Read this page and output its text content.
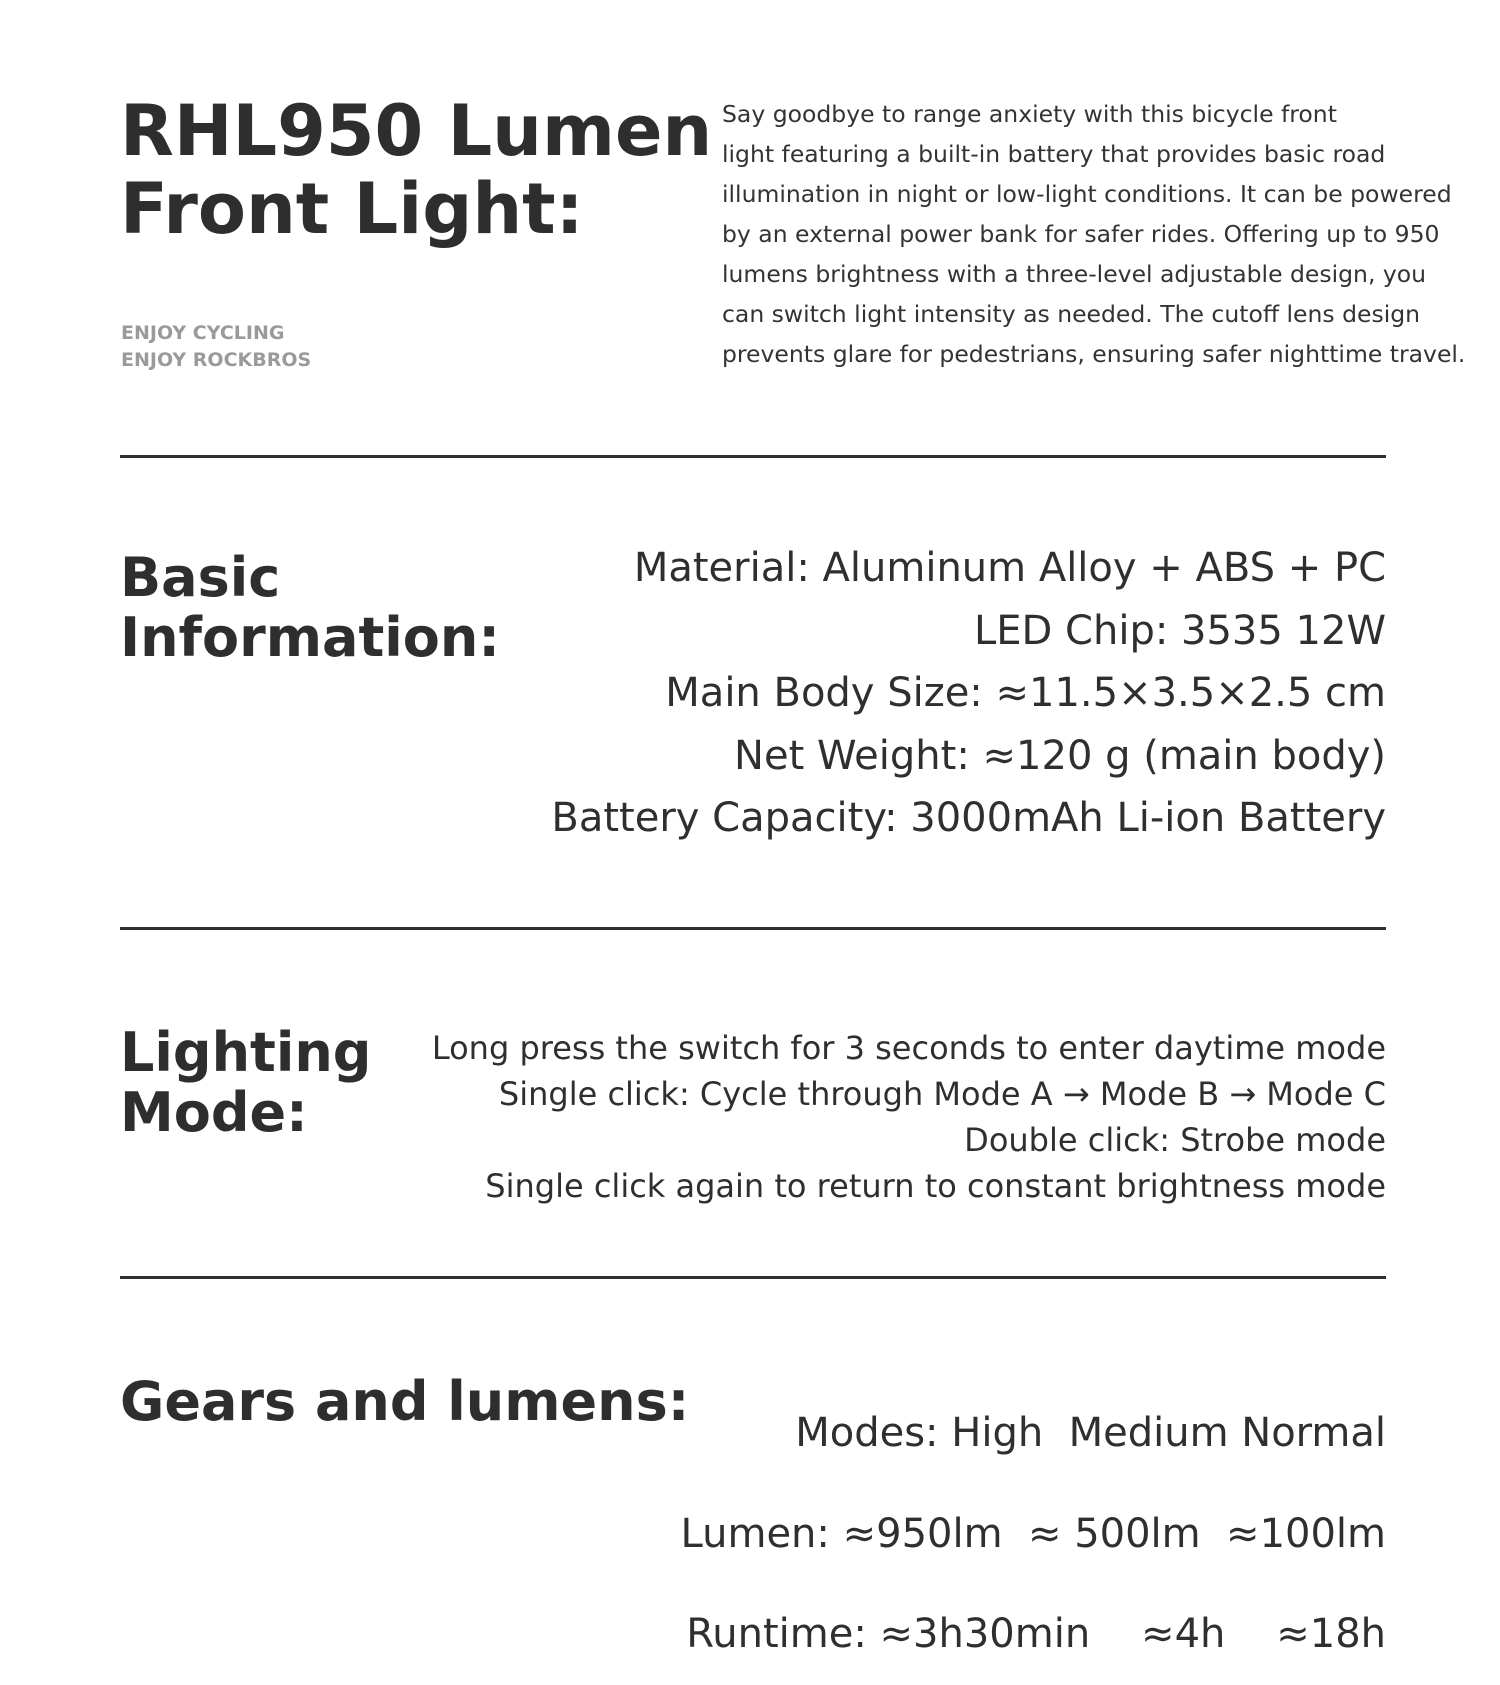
RHL950 Lumen
Front Light:
ENJOY CYCLING
ENJOY ROCKBROS
Say goodbye to range anxiety with this bicycle front
light featuring a built-in battery that provides basic road
illumination in night or low-light conditions. It can be powered
by an external power bank for safer rides. Offering up to 950
lumens brightness with a three-level adjustable design, you
can switch light intensity as needed. The cutoff lens design
prevents glare for pedestrians, ensuring safer nighttime travel.
Basic
Information:
Material: Aluminum Alloy + ABS + PC
LED Chip: 3535 12W
Main Body Size: ≈11.5×3.5×2.5 cm
Net Weight: ≈120 g (main body)
Battery Capacity: 3000mAh Li-ion Battery
Lighting
Mode:
Long press the switch for 3 seconds to enter daytime mode
Single click: Cycle through Mode A → Mode B → Mode C
Double click: Strobe mode
Single click again to return to constant brightness mode
Gears and lumens:

	Modes: High  Medium Normal

Lumen: ≈950lm  ≈ 500lm  ≈100lm

Runtime: ≈3h30min    ≈4h    ≈18h
